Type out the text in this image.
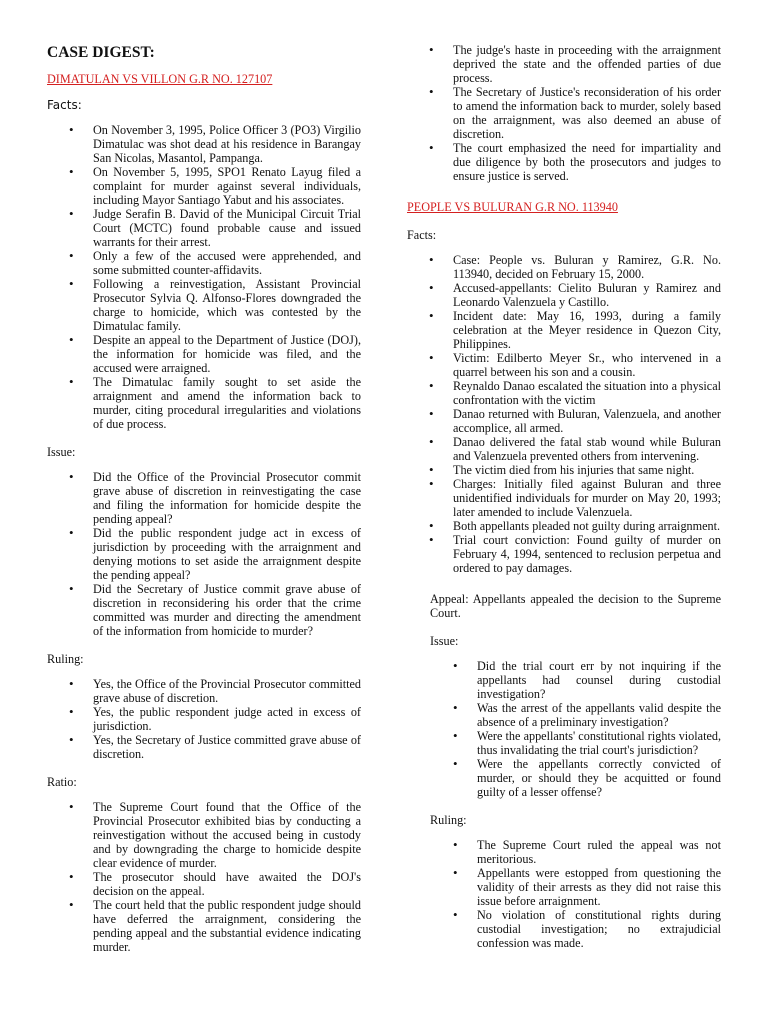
CASE DIGEST:
DIMATULAN VS VILLON G.R NO. 127107
Facts:
• On November 3, 1995, Police Officer 3 (PO3) Virgilio Dimatulac was shot dead at his residence in Barangay San Nicolas, Masantol, Pampanga.
• On November 5, 1995, SPO1 Renato Layug filed a complaint for murder against several individuals, including Mayor Santiago Yabut and his associates.
• Judge Serafin B. David of the Municipal Circuit Trial Court (MCTC) found probable cause and issued warrants for their arrest.
• Only a few of the accused were apprehended, and some submitted counter-affidavits.
• Following a reinvestigation, Assistant Provincial Prosecutor Sylvia Q. Alfonso-Flores downgraded the charge to homicide, which was contested by the Dimatulac family.
• Despite an appeal to the Department of Justice (DOJ), the information for homicide was filed, and the accused were arraigned.
• The Dimatulac family sought to set aside the arraignment and amend the information back to murder, citing procedural irregularities and violations of due process.
Issue:
• Did the Office of the Provincial Prosecutor commit grave abuse of discretion in reinvestigating the case and filing the information for homicide despite the pending appeal?
• Did the public respondent judge act in excess of jurisdiction by proceeding with the arraignment and denying motions to set aside the arraignment despite the pending appeal?
• Did the Secretary of Justice commit grave abuse of discretion in reconsidering his order that the crime committed was murder and directing the amendment of the information from homicide to murder?
Ruling:
• Yes, the Office of the Provincial Prosecutor committed grave abuse of discretion.
• Yes, the public respondent judge acted in excess of jurisdiction.
• Yes, the Secretary of Justice committed grave abuse of discretion.
Ratio:
• The Supreme Court found that the Office of the Provincial Prosecutor exhibited bias by conducting a reinvestigation without the accused being in custody and by downgrading the charge to homicide despite clear evidence of murder.
• The prosecutor should have awaited the DOJ's decision on the appeal.
• The court held that the public respondent judge should have deferred the arraignment, considering the pending appeal and the substantial evidence indicating murder.
• The judge's haste in proceeding with the arraignment deprived the state and the offended parties of due process.
• The Secretary of Justice's reconsideration of his order to amend the information back to murder, solely based on the arraignment, was also deemed an abuse of discretion.
• The court emphasized the need for impartiality and due diligence by both the prosecutors and judges to ensure justice is served.
PEOPLE VS BULURAN G.R NO. 113940
Facts:
• Case: People vs. Buluran y Ramirez, G.R. No. 113940, decided on February 15, 2000.
• Accused-appellants: Cielito Buluran y Ramirez and Leonardo Valenzuela y Castillo.
• Incident date: May 16, 1993, during a family celebration at the Meyer residence in Quezon City, Philippines.
• Victim: Edilberto Meyer Sr., who intervened in a quarrel between his son and a cousin.
• Reynaldo Danao escalated the situation into a physical confrontation with the victim
• Danao returned with Buluran, Valenzuela, and another accomplice, all armed.
• Danao delivered the fatal stab wound while Buluran and Valenzuela prevented others from intervening.
• The victim died from his injuries that same night.
• Charges: Initially filed against Buluran and three unidentified individuals for murder on May 20, 1993; later amended to include Valenzuela.
• Both appellants pleaded not guilty during arraignment.
• Trial court conviction: Found guilty of murder on February 4, 1994, sentenced to reclusion perpetua and ordered to pay damages.
Appeal: Appellants appealed the decision to the Supreme Court.
Issue:
• Did the trial court err by not inquiring if the appellants had counsel during custodial investigation?
• Was the arrest of the appellants valid despite the absence of a preliminary investigation?
• Were the appellants' constitutional rights violated, thus invalidating the trial court's jurisdiction?
• Were the appellants correctly convicted of murder, or should they be acquitted or found guilty of a lesser offense?
Ruling:
• The Supreme Court ruled the appeal was not meritorious.
• Appellants were estopped from questioning the validity of their arrests as they did not raise this issue before arraignment.
• No violation of constitutional rights during custodial investigation; no extrajudicial confession was made.
